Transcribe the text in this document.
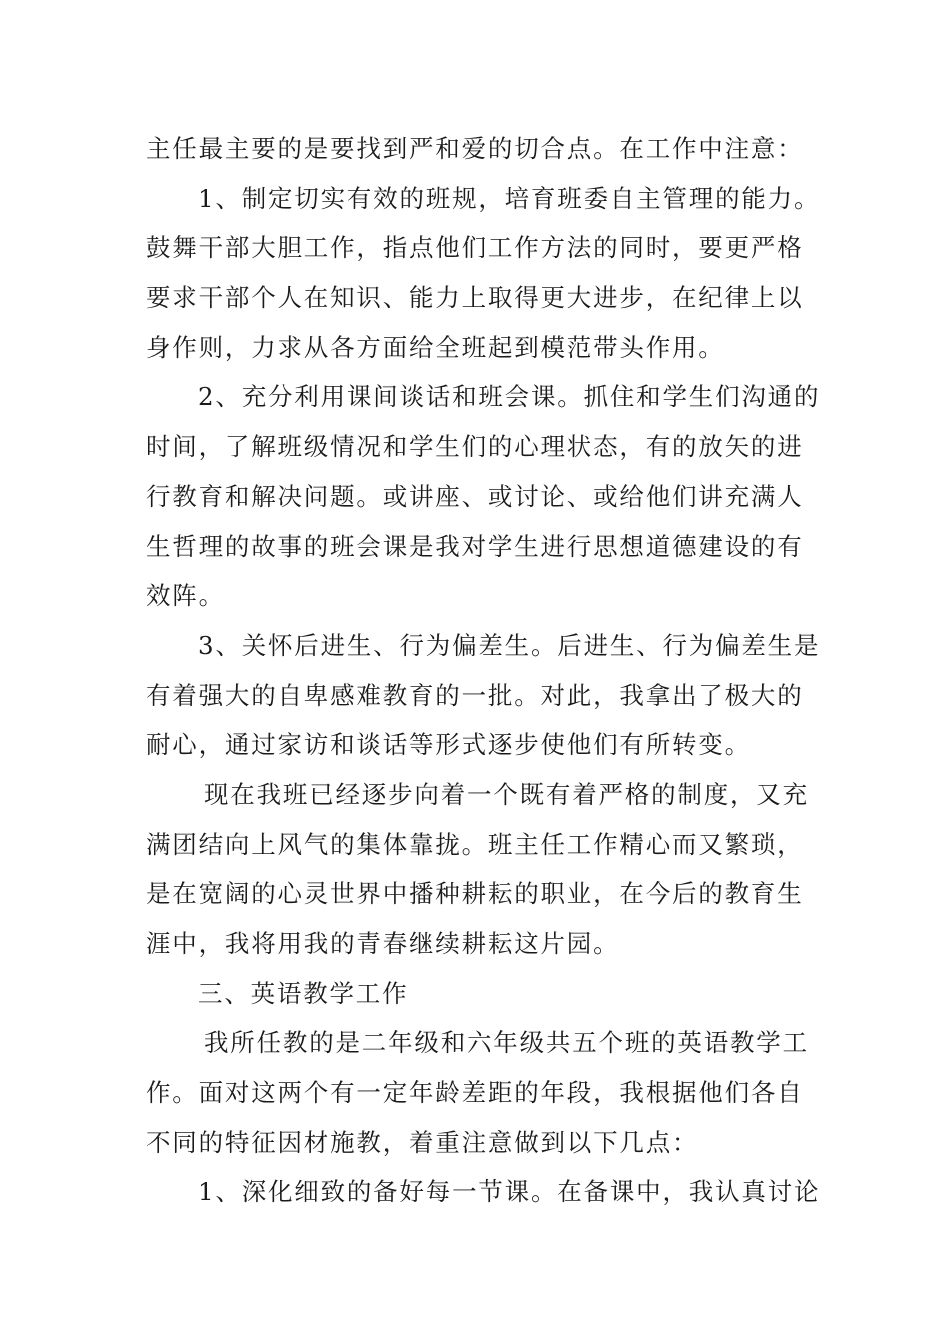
主任最主要的是要找到严和爱的切合点。在工作中注意：
1、制定切实有效的班规，培育班委自主管理的能力。
鼓舞干部大胆工作，指点他们工作方法的同时，要更严格
要求干部个人在知识、能力上取得更大进步，在纪律上以
身作则，力求从各方面给全班起到模范带头作用。
2、充分利用课间谈话和班会课。抓住和学生们沟通的
时间，了解班级情况和学生们的心理状态，有的放矢的进
行教育和解决问题。或讲座、或讨论、或给他们讲充满人
生哲理的故事的班会课是我对学生进行思想道德建设的有
效阵。
3、关怀后进生、行为偏差生。后进生、行为偏差生是
有着强大的自卑感难教育的一批。对此，我拿出了极大的
耐心，通过家访和谈话等形式逐步使他们有所转变。
现在我班已经逐步向着一个既有着严格的制度，又充
满团结向上风气的集体靠拢。班主任工作精心而又繁琐，
是在宽阔的心灵世界中播种耕耘的职业，在今后的教育生
涯中，我将用我的青春继续耕耘这片园。
三、英语教学工作
我所任教的是二年级和六年级共五个班的英语教学工
作。面对这两个有一定年龄差距的年段，我根据他们各自
不同的特征因材施教，着重注意做到以下几点：
1、深化细致的备好每一节课。在备课中，我认真讨论
